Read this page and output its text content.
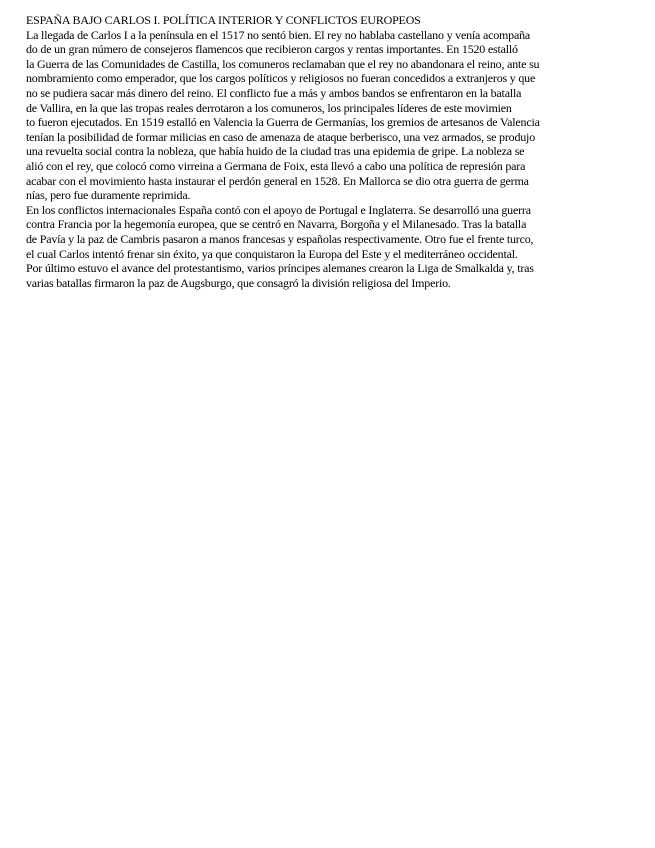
ESPAÑA BAJO CARLOS I. POLÍTICA INTERIOR Y CONFLICTOS EUROPEOS
La llegada de Carlos I a la península en el 1517 no sentó bien. El rey no hablaba castellano y venía acompaña
do de un gran número de consejeros flamencos que recibieron cargos y rentas importantes. En 1520 estalló
la Guerra de las Comunidades de Castilla, los comuneros reclamaban que el rey no abandonara el reino, ante su
nombramiento como emperador, que los cargos políticos y religiosos no fueran concedidos a extranjeros y que
no se pudiera sacar más dinero del reino. El conflicto fue a más y ambos bandos se enfrentaron en la batalla
de Vallira, en la que las tropas reales derrotaron a los comuneros, los principales líderes de este movimien
to fueron ejecutados. En 1519 estalló en Valencia la Guerra de Germanías, los gremios de artesanos de Valencia
tenían la posibilidad de formar milicias en caso de amenaza de ataque berberisco, una vez armados, se produjo
una revuelta social contra la nobleza, que había huido de la ciudad tras una epidemia de gripe. La nobleza se
alió con el rey, que colocó como virreina a Germana de Foix, esta llevó a cabo una política de represión para
acabar con el movimiento hasta instaurar el perdón general en 1528. En Mallorca se dio otra guerra de germa
nías, pero fue duramente reprimida.
En los conflictos internacionales España contó con el apoyo de Portugal e Inglaterra. Se desarrolló una guerra
contra Francia por la hegemonía europea, que se centró en Navarra, Borgoña y el Milanesado. Tras la batalla
de Pavía y la paz de Cambris pasaron a manos francesas y españolas respectivamente. Otro fue el frente turco,
el cual Carlos intentó frenar sin éxito, ya que conquistaron la Europa del Este y el mediterráneo occidental.
Por último estuvo el avance del protestantismo, varios príncipes alemanes crearon la Liga de Smalkalda y, tras
varias batallas firmaron la paz de Augsburgo, que consagró la división religiosa del Imperio.
